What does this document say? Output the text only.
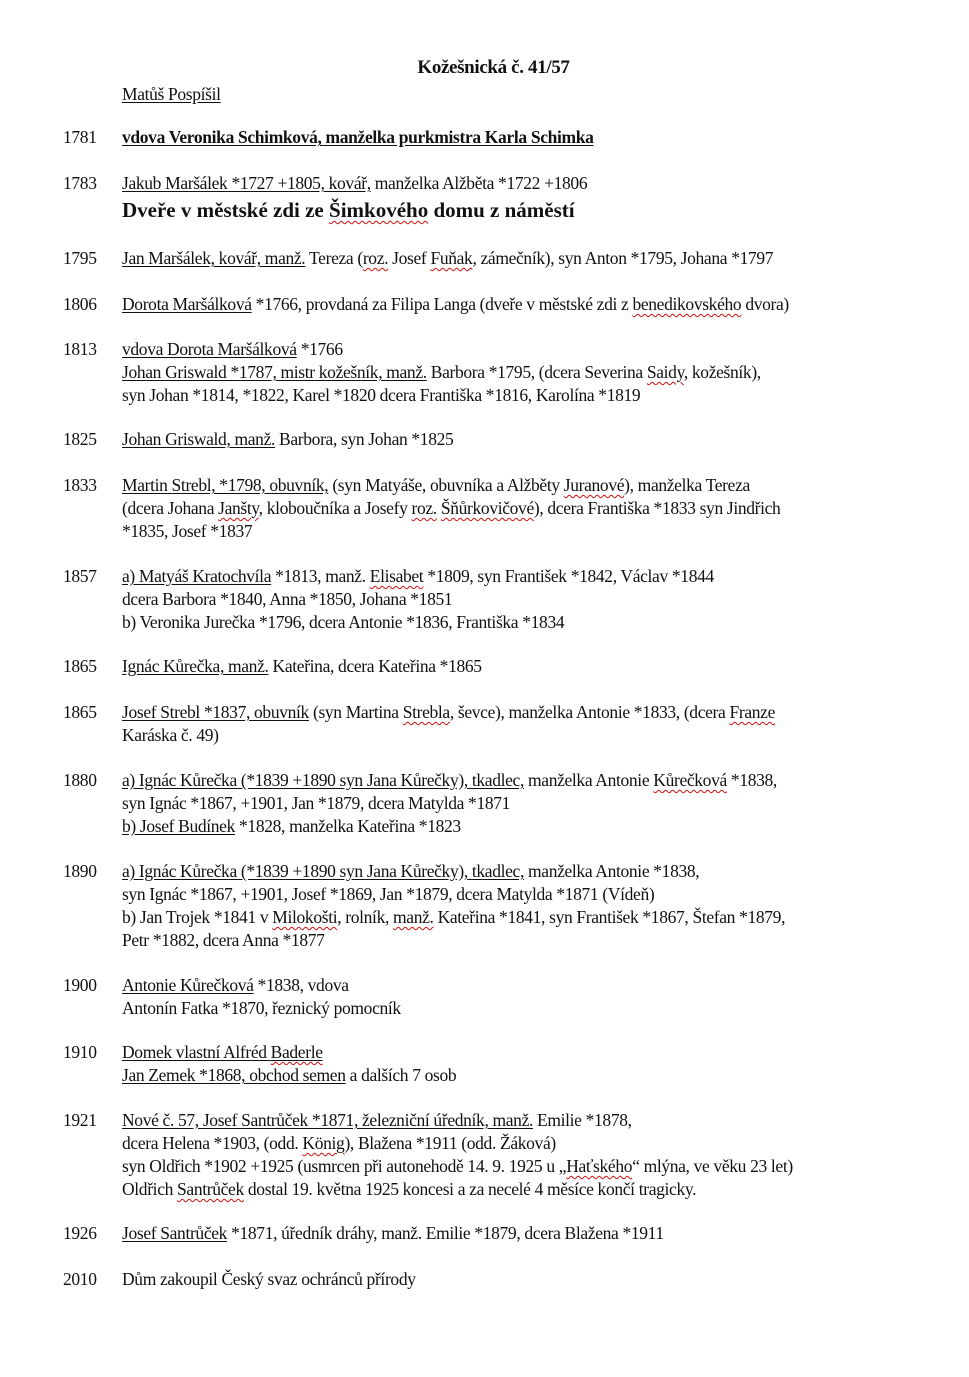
Kožešnická č. 41/57
Matůš Pospíšil
1781 vdova Veronika Schimková, manželka purkmistra Karla Schimka
1783 Jakub Maršálek *1727 +1805, kovář, manželka Alžběta *1722 +1806
Dveře v městské zdi ze Šimkového domu z náměstí
1795 Jan Maršálek, kovář, manž. Tereza (roz. Josef Fuňak, zámečník), syn Anton *1795, Johana *1797
1806 Dorota Maršálková *1766, provdaná za Filipa Langa (dveře v městské zdi z benedikovského dvora)
1813 vdova Dorota Maršálková *1766
Johan Griswald *1787, mistr kožešník, manž. Barbora *1795, (dcera Severina Saidy, kožešník),
syn Johan *1814, *1822, Karel *1820 dcera Františka *1816, Karolína *1819
1825 Johan Griswald, manž. Barbora, syn Johan *1825
1833 Martin Strebl, *1798, obuvník, (syn Matyáše, obuvníka a Alžběty Juranové), manželka Tereza
(dcera Johana Janšty, kloboučníka a Josefy roz. Šňůrkovičové), dcera Františka *1833 syn Jindřich
*1835, Josef *1837
1857 a) Matyáš Kratochvíla *1813, manž. Elisabet *1809, syn František *1842, Václav *1844
dcera Barbora *1840, Anna *1850, Johana *1851
b) Veronika Jurečka *1796, dcera Antonie *1836, Františka *1834
1865 Ignác Kůrečka, manž. Kateřina, dcera Kateřina *1865
1865 Josef Strebl *1837, obuvník (syn Martina Strebla, ševce), manželka Antonie *1833, (dcera Franze
Karáska č. 49)
1880 a) Ignác Kůrečka (*1839 +1890 syn Jana Kůrečky), tkadlec, manželka Antonie Kůrečková *1838,
syn Ignác *1867, +1901, Jan *1879, dcera Matylda *1871
b) Josef Budínek *1828, manželka Kateřina *1823
1890 a) Ignác Kůrečka (*1839 +1890 syn Jana Kůrečky), tkadlec, manželka Antonie *1838,
syn Ignác *1867, +1901, Josef *1869, Jan *1879, dcera Matylda *1871 (Vídeň)
b) Jan Trojek *1841 v Milokošti, rolník, manž. Kateřina *1841, syn František *1867, Štefan *1879,
Petr *1882, dcera Anna *1877
1900 Antonie Kůrečková *1838, vdova
Antonín Fatka *1870, řeznický pomocník
1910 Domek vlastní Alfréd Baderle
Jan Zemek *1868, obchod semen a dalších 7 osob
1921 Nové č. 57, Josef Santrůček *1871, železniční úředník, manž. Emilie *1878,
dcera Helena *1903, (odd. König), Blažena *1911 (odd. Žáková)
syn Oldřich *1902 +1925 (usmrcen při autonehodě 14. 9. 1925 u „Haťského“ mlýna, ve věku 23 let)
Oldřich Santrůček dostal 19. května 1925 koncesi a za necelé 4 měsíce končí tragicky.
1926 Josef Santrůček *1871, úředník dráhy, manž. Emilie *1879, dcera Blažena *1911
2010 Dům zakoupil Český svaz ochránců přírody
